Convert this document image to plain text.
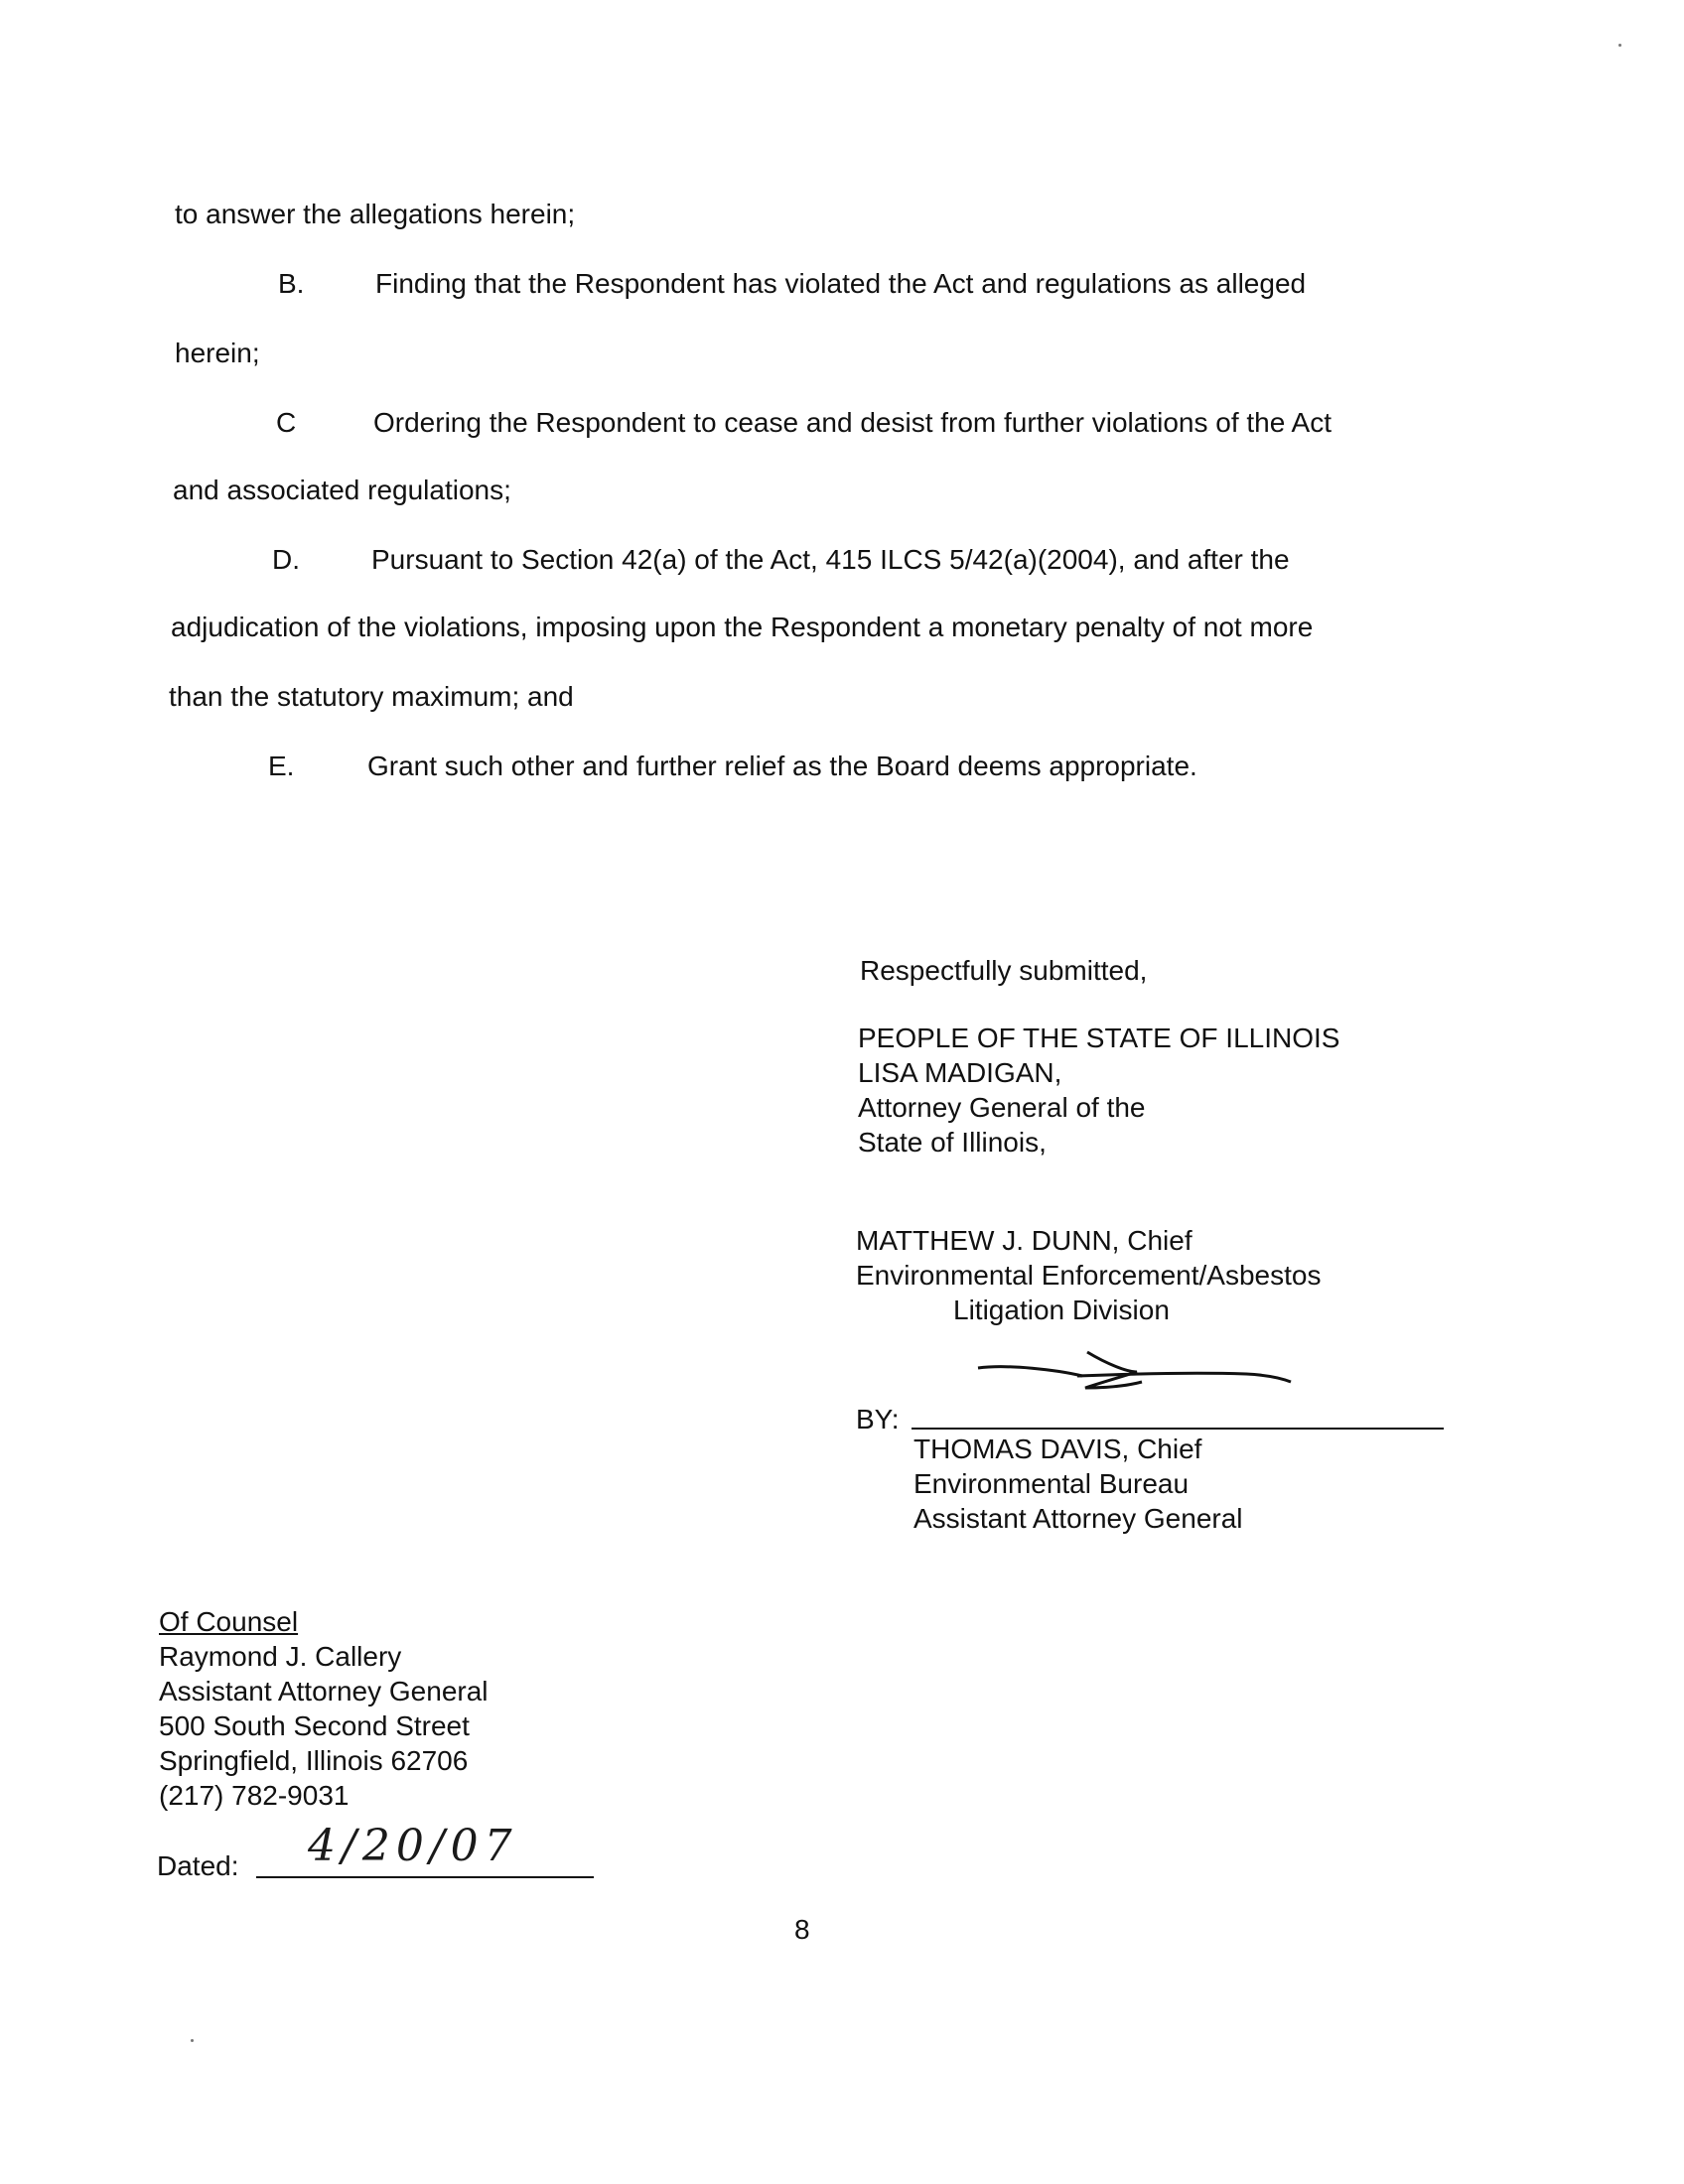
to answer the allegations herein;
B.	Finding that the Respondent has violated the Act and regulations as alleged
herein;
C	Ordering the Respondent to cease and desist from further violations of the Act
and associated regulations;
D.	Pursuant to Section 42(a) of the Act, 415 ILCS 5/42(a)(2004), and after the
adjudication of the violations, imposing upon the Respondent a monetary penalty of not more
than the statutory maximum; and
E.	Grant such other and further relief as the Board deems appropriate.
Respectfully submitted,
PEOPLE OF THE STATE OF ILLINOIS
LISA MADIGAN,
Attorney General of the
State of Illinois,
MATTHEW J. DUNN, Chief
Environmental Enforcement/Asbestos
Litigation Division
BY:
THOMAS DAVIS, Chief
Environmental Bureau
Assistant Attorney General
Of Counsel
Raymond J. Callery
Assistant Attorney General
500 South Second Street
Springfield, Illinois 62706
(217) 782-9031
Dated: 4/20/07
8
